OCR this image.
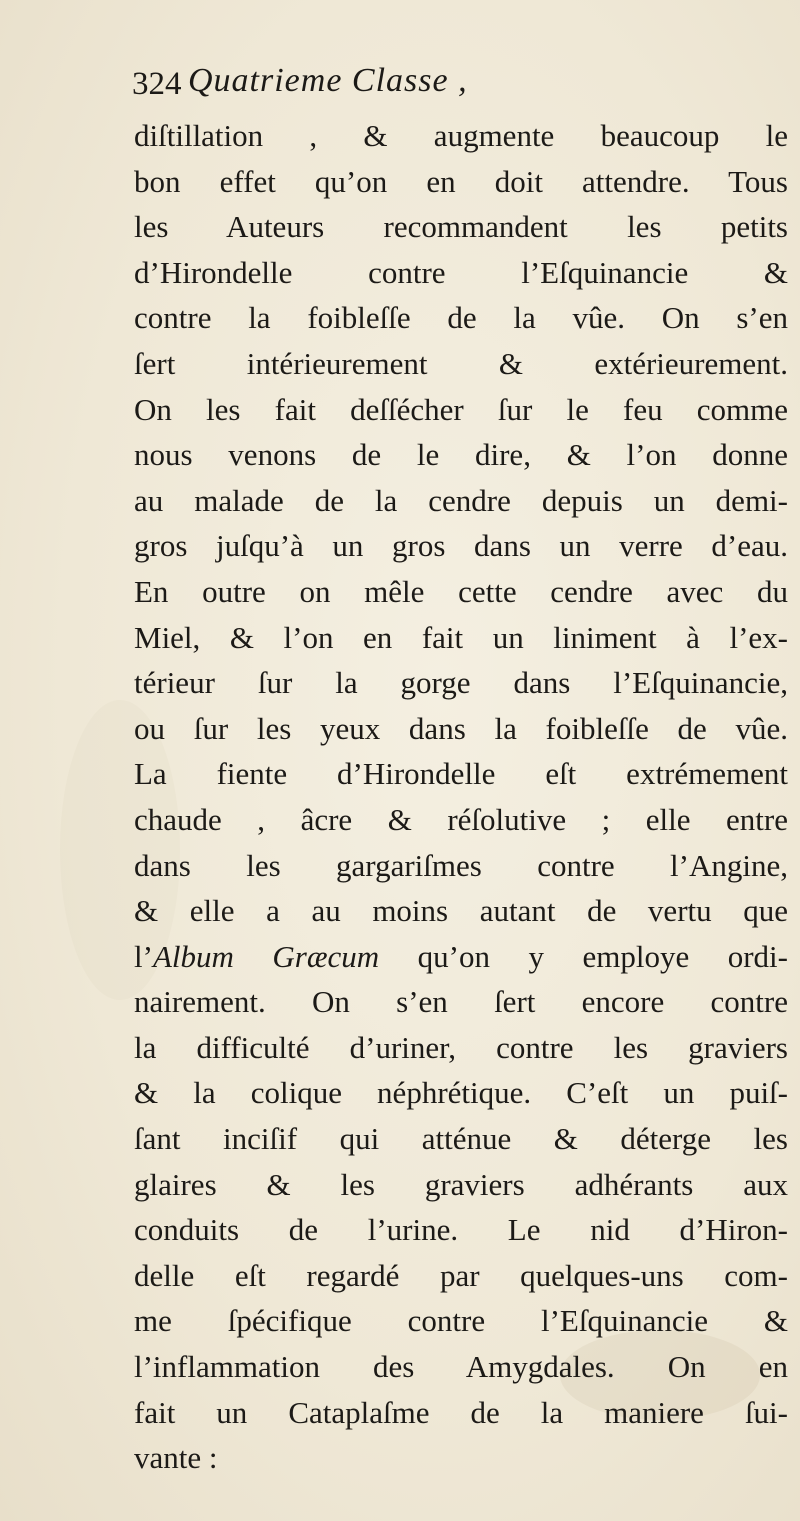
324 Quatrieme Classe ,
diſtillation , & augmente beaucoup le
bon effet qu’on en doit attendre. Tous
les Auteurs recommandent les petits
d’Hirondelle contre l’Eſquinancie &
contre la foibleſſe de la vûe. On s’en
ſert intérieurement & extérieurement.
On les fait deſſécher ſur le feu comme
nous venons de le dire, & l’on donne
au malade de la cendre depuis un demi-
gros juſqu’à un gros dans un verre d’eau.
En outre on mêle cette cendre avec du
Miel, & l’on en fait un liniment à l’ex-
térieur ſur la gorge dans l’Eſquinancie,
ou ſur les yeux dans la foibleſſe de vûe.
La fiente d’Hirondelle eſt extrémement
chaude , âcre & réſolutive ; elle entre
dans les gargariſmes contre l’Angine,
& elle a au moins autant de vertu que
l’Album Græcum qu’on y employe ordi-
nairement. On s’en ſert encore contre
la difficulté d’uriner, contre les graviers
& la colique néphrétique. C’eſt un puiſ-
ſant inciſif qui atténue & déterge les
glaires & les graviers adhérants aux
conduits de l’urine. Le nid d’Hiron-
delle eſt regardé par quelques-uns com-
me ſpécifique contre l’Eſquinancie &
l’inflammation des Amygdales. On en
fait un Cataplaſme de la maniere ſui-
vante :
